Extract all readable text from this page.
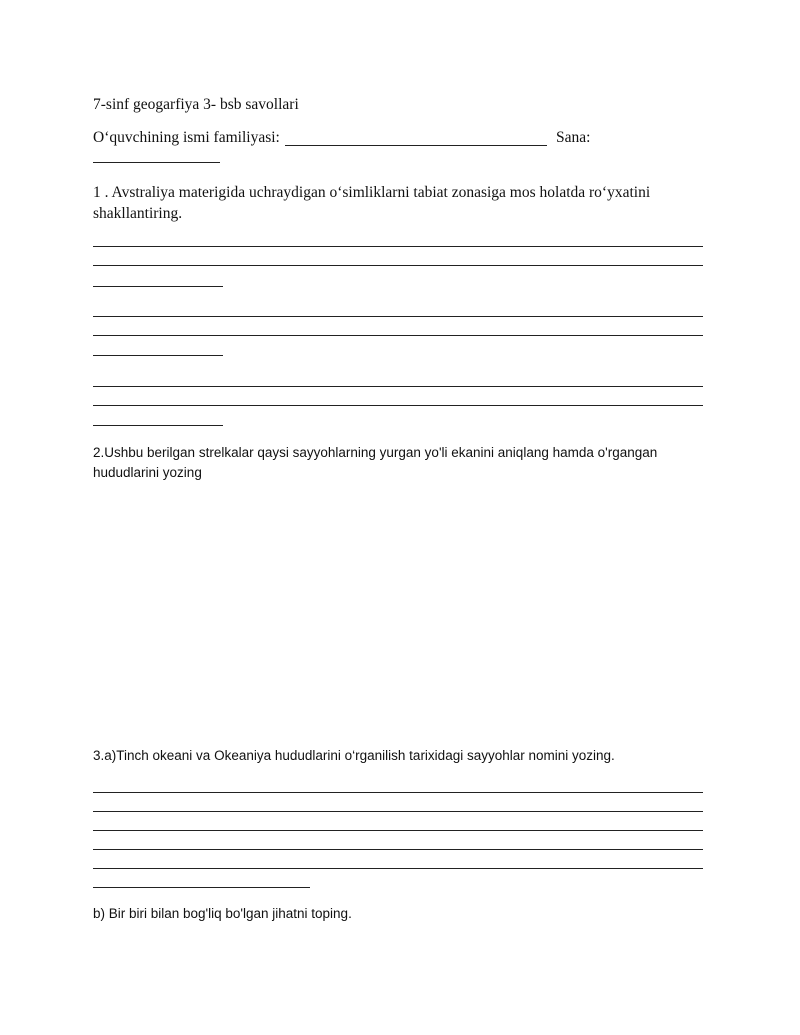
7-sinf geogarfiya 3- bsb savollari
O‘quvchining ismi familiyasi:	Sana:
1 . Avstraliya materigida uchraydigan o‘simliklarni tabiat zonasiga mos holatda ro‘yxatini shakllantiring.
2.Ushbu berilgan strelkalar qaysi sayyohlarning yurgan yo'li ekanini aniqlang hamda o'rgangan hududlarini yozing
3.a)Tinch okeani va Okeaniya hududlarini o‘rganilish tarixidagi sayyohlar nomini yozing.
b) Bir biri bilan bog'liq bo'lgan jihatni toping.
